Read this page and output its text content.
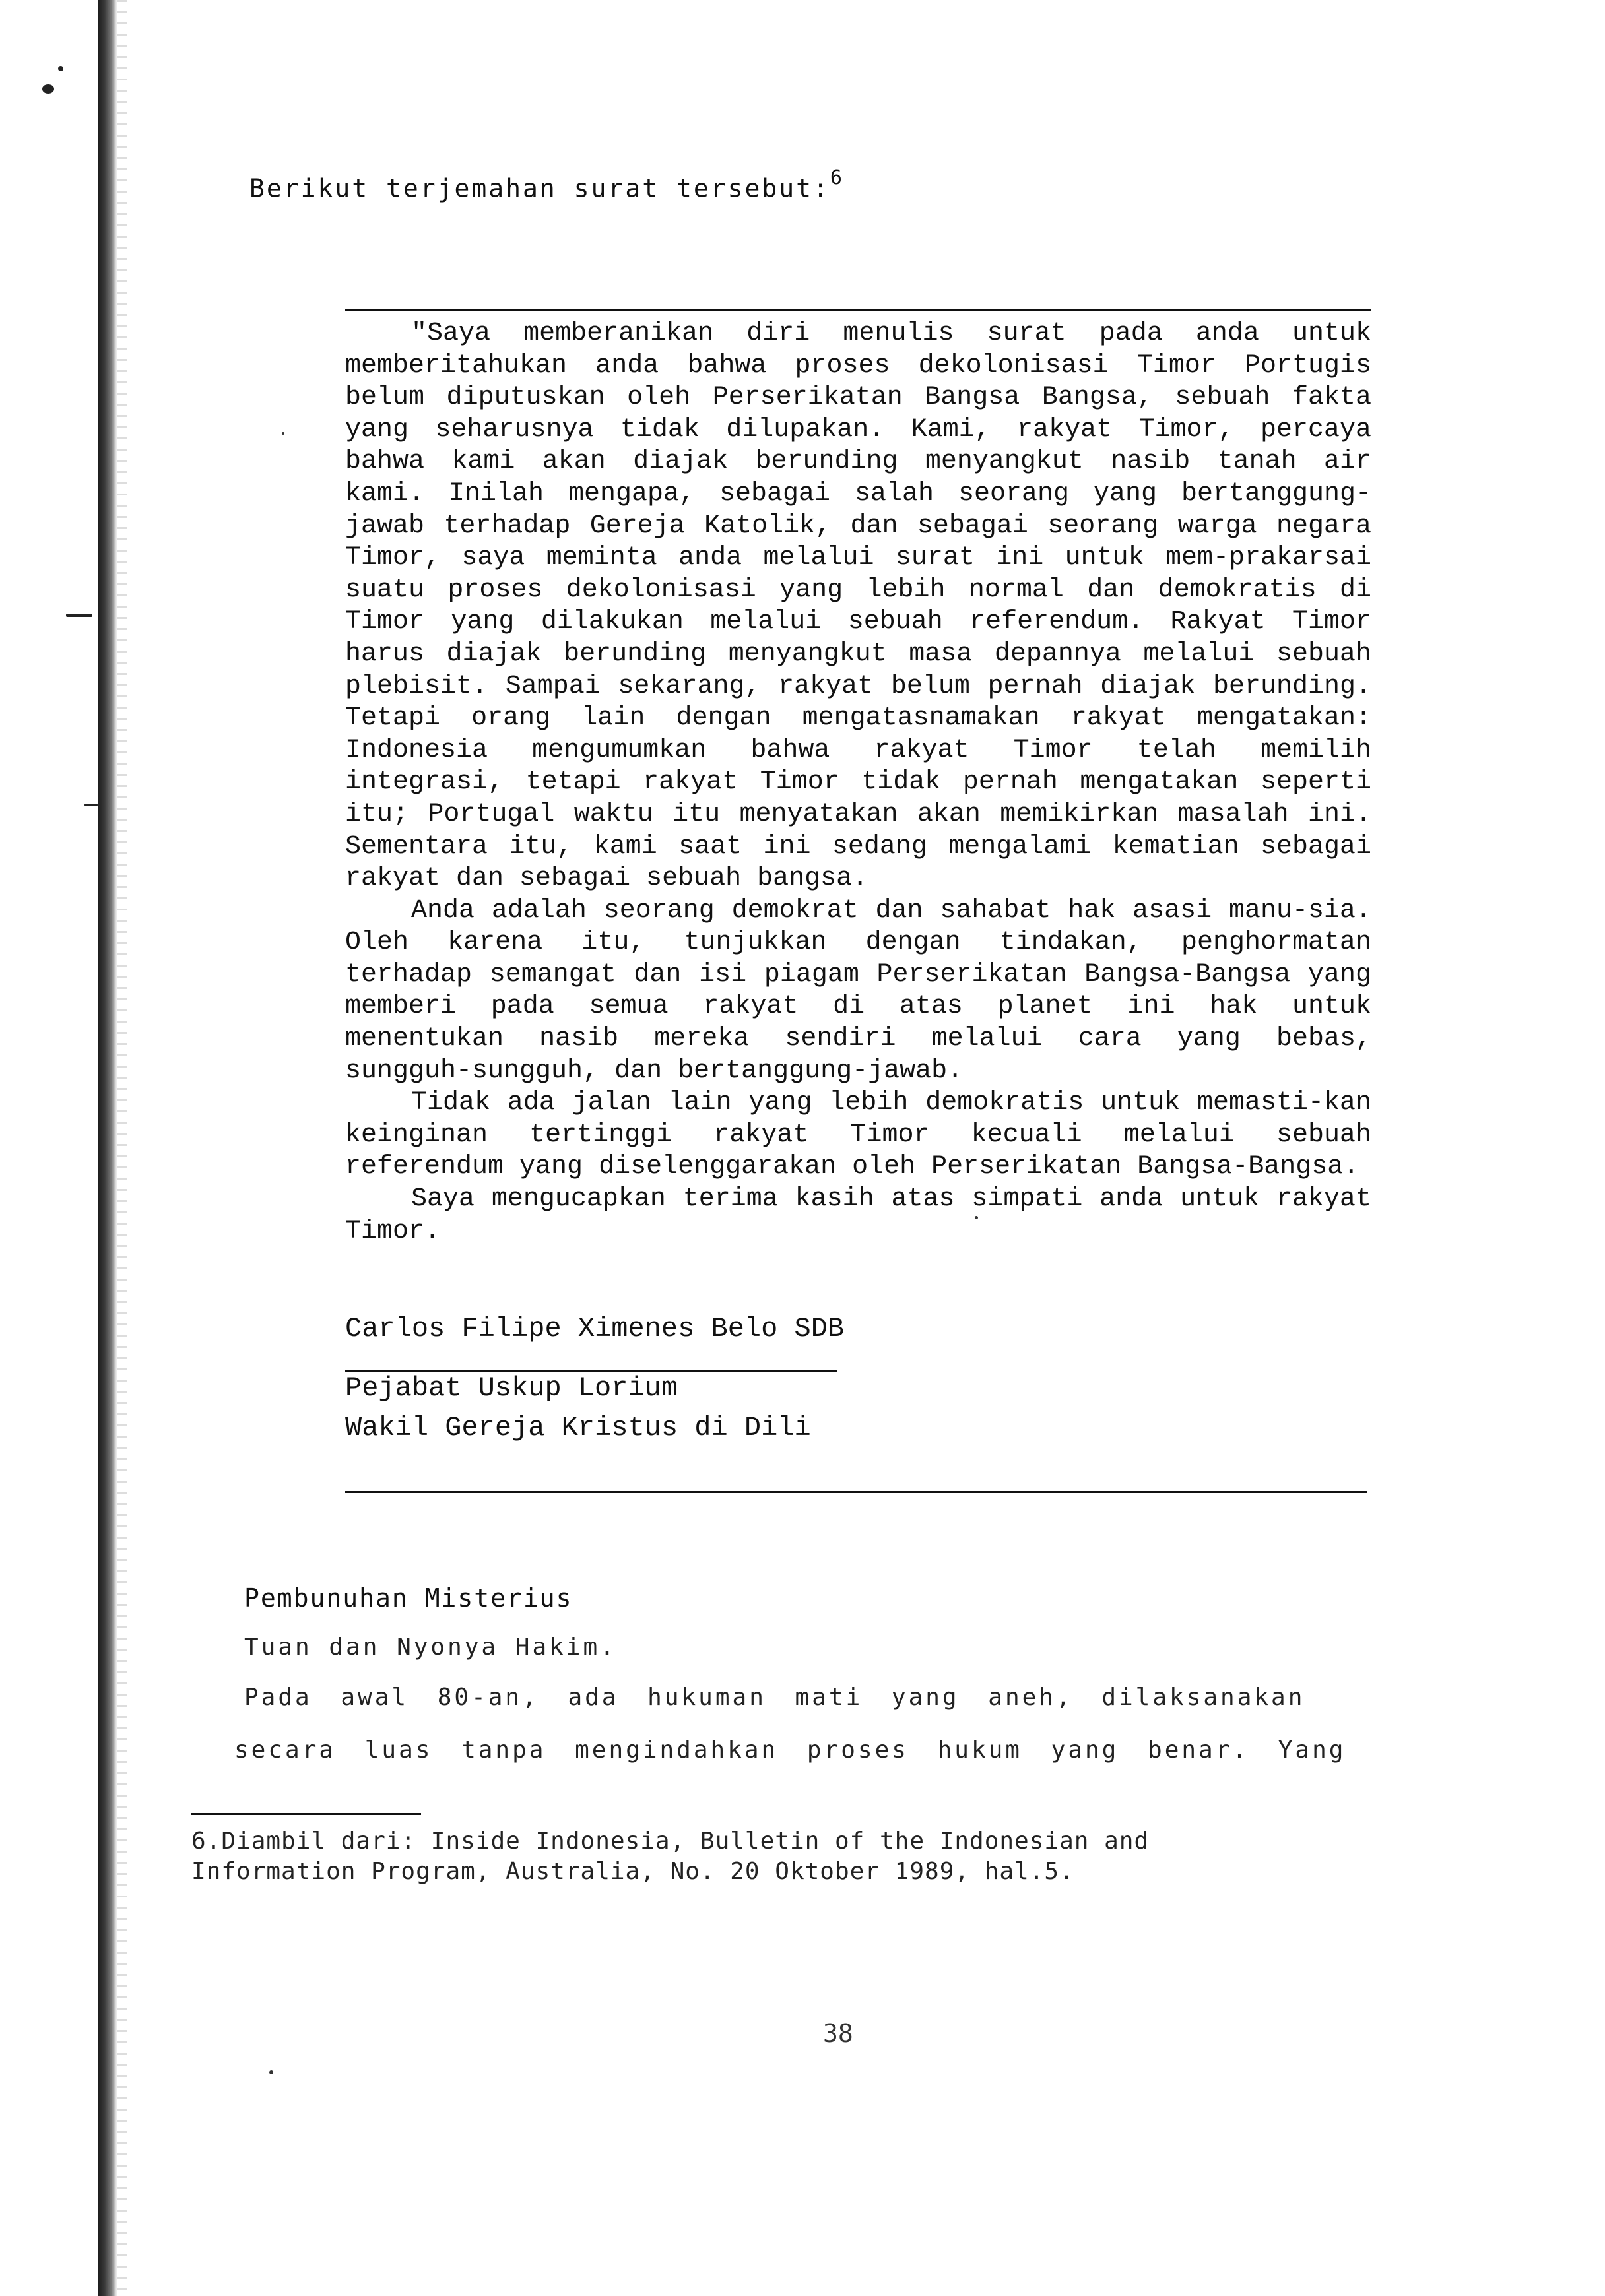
Berikut terjemahan surat tersebut:$^6$

"Saya memberanikan diri menulis surat pada anda untuk memberitahukan anda bahwa proses dekolonisasi Timor Portugis belum diputuskan oleh Perserikatan Bangsa Bangsa, sebuah fakta yang seharusnya tidak dilupakan. Kami, rakyat Timor, percaya bahwa kami akan diajak berunding menyangkut nasib tanah air kami. Inilah mengapa, sebagai salah seorang yang bertanggung-jawab terhadap Gereja Katolik, dan sebagai seorang warga negara Timor, saya meminta anda melalui surat ini untuk mem-prakarsai suatu proses dekolonisasi yang lebih normal dan demokratis di Timor yang dilakukan melalui sebuah referendum. Rakyat Timor harus diajak berunding menyangkut masa depannya melalui sebuah plebisit. Sampai sekarang, rakyat belum pernah diajak berunding. Tetapi orang lain dengan mengatasnamakan rakyat mengatakan: Indonesia mengumumkan bahwa rakyat Timor telah memilih integrasi, tetapi rakyat Timor tidak pernah mengatakan seperti itu; Portugal waktu itu menyatakan akan memikirkan masalah ini. Sementara itu, kami saat ini sedang mengalami kematian sebagai rakyat dan sebagai sebuah bangsa.

Anda adalah seorang demokrat dan sahabat hak asasi manu-sia. Oleh karena itu, tunjukkan dengan tindakan, penghormatan terhadap semangat dan isi piagam Perserikatan Bangsa-Bangsa yang memberi pada semua rakyat di atas planet ini hak untuk menentukan nasib mereka sendiri melalui cara yang bebas, sungguh-sungguh, dan bertanggung-jawab.

Tidak ada jalan lain yang lebih demokratis untuk memasti-kan keinginan tertinggi rakyat Timor kecuali melalui sebuah referendum yang diselenggarakan oleh Perserikatan Bangsa-Bangsa.

Saya mengucapkan terima kasih atas simpati anda untuk rakyat Timor.

Carlos Filipe Ximenes Belo SDB
Pejabat Uskup Lorium
Wakil Gereja Kristus di Dili
Pembunuhan Misterius
Tuan dan Nyonya Hakim.
Pada awal 80-an, ada hukuman mati yang aneh, dilaksanakan
secara luas tanpa mengindahkan proses hukum yang benar. Yang
6.Diambil dari: Inside Indonesia, Bulletin of the Indonesian and
Information Program, Australia, No. 20 Oktober 1989, hal.5.
38
